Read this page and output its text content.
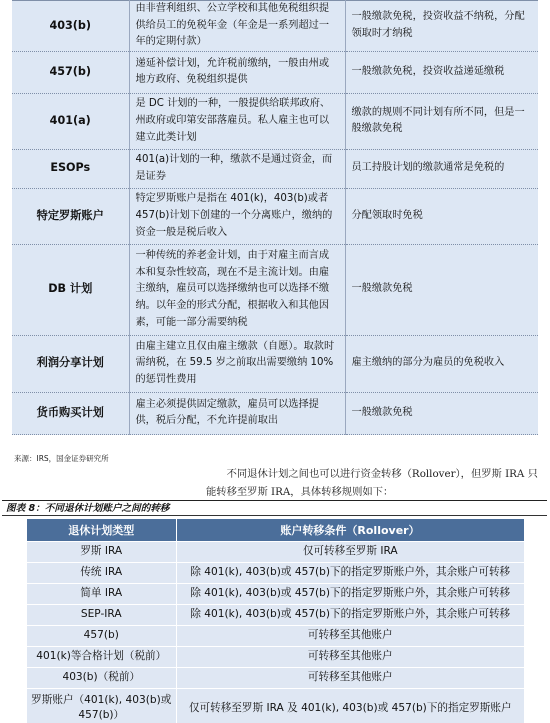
403(b)	由非营利组织、公立学校和其他免税组织提供给员工的免税年金（年金是一系列超过一年的定期付款）	一般缴款免税，投资收益不纳税，分配领取时才纳税
457(b)	递延补偿计划，允许税前缴纳，一般由州或地方政府、免税组织提供	一般缴款免税，投资收益递延缴税
401(a)	是 DC 计划的一种，一般提供给联邦政府、州政府或印第安部落雇员。私人雇主也可以建立此类计划	缴款的规则不同计划有所不同，但是一般缴款免税
ESOPs	401(a)计划的一种，缴款不是通过资金，而是证券	员工持股计划的缴款通常是免税的
特定罗斯账户	特定罗斯账户是指在 401(k)，403(b)或者 457(b)计划下创建的一个分离账户，缴纳的资金一般是税后收入	分配领取时免税
DB 计划	一种传统的养老金计划，由于对雇主而言成本和复杂性较高，现在不是主流计划。由雇主缴纳，雇员可以选择缴纳也可以选择不缴纳。以年金的形式分配，根据收入和其他因素，可能一部分需要纳税	一般缴款免税
利润分享计划	由雇主建立且仅由雇主缴款（自愿）。取款时需纳税，在 59.5 岁之前取出需要缴纳 10%的惩罚性费用	雇主缴纳的部分为雇员的免税收入
货币购买计划	雇主必须提供固定缴款，雇员可以选择提供，税后分配，不允许提前取出	一般缴款免税
来源：IRS，国金证券研究所
不同退休计划之间也可以进行资金转移（Rollover），但罗斯 IRA 只能转移至罗斯 IRA，具体转移规则如下：
图表 8：不同退休计划账户之间的转移
退休计划类型	账户转移条件（Rollover）
罗斯 IRA	仅可转移至罗斯 IRA
传统 IRA	除 401(k), 403(b)或 457(b)下的指定罗斯账户外，其余账户可转移
简单 IRA	除 401(k), 403(b)或 457(b)下的指定罗斯账户外，其余账户可转移
SEP-IRA	除 401(k), 403(b)或 457(b)下的指定罗斯账户外，其余账户可转移
457(b)	可转移至其他账户
401(k)等合格计划（税前）	可转移至其他账户
403(b)（税前）	可转移至其他账户
罗斯账户（401(k), 403(b)或 457(b)）	仅可转移至罗斯 IRA 及 401(k), 403(b)或 457(b)下的指定罗斯账户
